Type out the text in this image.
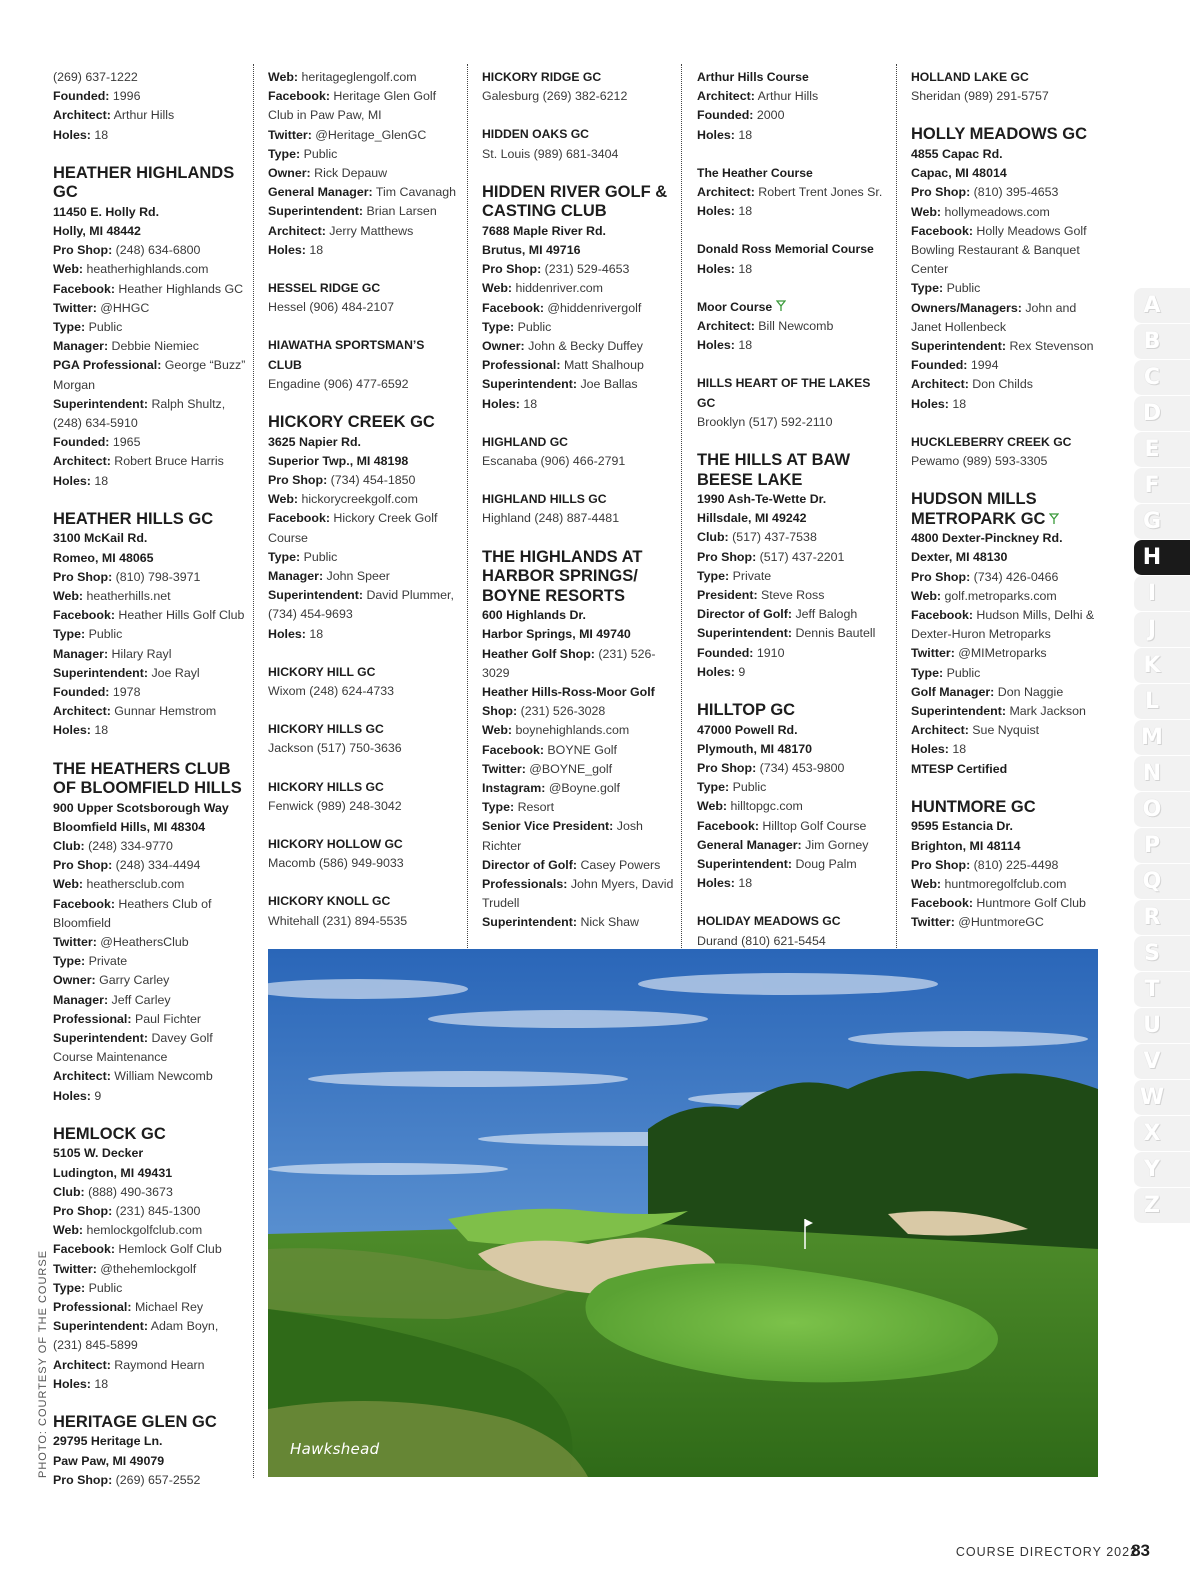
(269) 637-1222
Founded: 1996
Architect: Arthur Hills
Holes: 18
HEATHER HIGHLANDS GC
11450 E. Holly Rd.
Holly, MI 48442
Pro Shop: (248) 634-6800
Web: heatherhighlands.com
Facebook: Heather Highlands GC
Twitter: @HHGC
Type: Public
Manager: Debbie Niemiec
PGA Professional: George “Buzz” Morgan
Superintendent: Ralph Shultz, (248) 634-5910
Founded: 1965
Architect: Robert Bruce Harris
Holes: 18
HEATHER HILLS GC
3100 McKail Rd.
Romeo, MI 48065
Pro Shop: (810) 798-3971
Web: heatherhills.net
Facebook: Heather Hills Golf Club
Type: Public
Manager: Hilary Rayl
Superintendent: Joe Rayl
Founded: 1978
Architect: Gunnar Hemstrom
Holes: 18
THE HEATHERS CLUB OF BLOOMFIELD HILLS
900 Upper Scotsborough Way
Bloomfield Hills, MI 48304
Club: (248) 334-9770
Pro Shop: (248) 334-4494
Web: heathersclub.com
Facebook: Heathers Club of Bloomfield
Twitter: @HeathersClub
Type: Private
Owner: Garry Carley
Manager: Jeff Carley
Professional: Paul Fichter
Superintendent: Davey Golf Course Maintenance
Architect: William Newcomb
Holes: 9
HEMLOCK GC
5105 W. Decker
Ludington, MI 49431
Club: (888) 490-3673
Pro Shop: (231) 845-1300
Web: hemlockgolfclub.com
Facebook: Hemlock Golf Club
Twitter: @thehemlockgolf
Type: Public
Professional: Michael Rey
Superintendent: Adam Boyn, (231) 845-5899
Architect: Raymond Hearn
Holes: 18
HERITAGE GLEN GC
29795 Heritage Ln.
Paw Paw, MI 49079
Pro Shop: (269) 657-2552
Web: heritageglengolf.com
Facebook: Heritage Glen Golf Club in Paw Paw, MI
Twitter: @Heritage_GlenGC
Type: Public
Owner: Rick Depauw
General Manager: Tim Cavanagh
Superintendent: Brian Larsen
Architect: Jerry Matthews
Holes: 18
HESSEL RIDGE GC
Hessel (906) 484-2107
HIAWATHA SPORTSMAN’S CLUB
Engadine (906) 477-6592
HICKORY CREEK GC
3625 Napier Rd.
Superior Twp., MI 48198
Pro Shop: (734) 454-1850
Web: hickorycreekgolf.com
Facebook: Hickory Creek Golf Course
Type: Public
Manager: John Speer
Superintendent: David Plummer, (734) 454-9693
Holes: 18
HICKORY HILL GC
Wixom (248) 624-4733
HICKORY HILLS GC
Jackson (517) 750-3636
HICKORY HILLS GC
Fenwick (989) 248-3042
HICKORY HOLLOW GC
Macomb (586) 949-9033
HICKORY KNOLL GC
Whitehall (231) 894-5535
HICKORY RIDGE GC
Galesburg (269) 382-6212
HIDDEN OAKS GC
St. Louis (989) 681-3404
HIDDEN RIVER GOLF & CASTING CLUB
7688 Maple River Rd.
Brutus, MI 49716
Pro Shop: (231) 529-4653
Web: hiddenriver.com
Facebook: @hiddenrivergolf
Type: Public
Owner: John & Becky Duffey
Professional: Matt Shalhoup
Superintendent: Joe Ballas
Holes: 18
HIGHLAND GC
Escanaba (906) 466-2791
HIGHLAND HILLS GC
Highland (248) 887-4481
THE HIGHLANDS AT HARBOR SPRINGS/ BOYNE RESORTS
600 Highlands Dr.
Harbor Springs, MI 49740
Heather Golf Shop: (231) 526-3029
Heather Hills-Ross-Moor Golf Shop: (231) 526-3028
Web: boynehighlands.com
Facebook: BOYNE Golf
Twitter: @BOYNE_golf
Instagram: @Boyne.golf
Type: Resort
Senior Vice President: Josh Richter
Director of Golf: Casey Powers
Professionals: John Myers, David Trudell
Superintendent: Nick Shaw
Arthur Hills Course
Architect: Arthur Hills
Founded: 2000
Holes: 18
The Heather Course
Architect: Robert Trent Jones Sr.
Holes: 18
Donald Ross Memorial Course
Holes: 18
Moor Course
Architect: Bill Newcomb
Holes: 18
HILLS HEART OF THE LAKES GC
Brooklyn (517) 592-2110
THE HILLS AT BAW BEESE LAKE
1990 Ash-Te-Wette Dr.
Hillsdale, MI 49242
Club: (517) 437-7538
Pro Shop: (517) 437-2201
Type: Private
President: Steve Ross
Director of Golf: Jeff Balogh
Superintendent: Dennis Bautell
Founded: 1910
Holes: 9
HILLTOP GC
47000 Powell Rd.
Plymouth, MI 48170
Pro Shop: (734) 453-9800
Type: Public
Web: hilltopgc.com
Facebook: Hilltop Golf Course
General Manager: Jim Gorney
Superintendent: Doug Palm
Holes: 18
HOLIDAY MEADOWS GC
Durand (810) 621-5454
HOLLAND LAKE GC
Sheridan (989) 291-5757
HOLLY MEADOWS GC
4855 Capac Rd.
Capac, MI 48014
Pro Shop: (810) 395-4653
Web: hollymeadows.com
Facebook: Holly Meadows Golf Bowling Restaurant & Banquet Center
Type: Public
Owners/Managers: John and Janet Hollenbeck
Superintendent: Rex Stevenson
Founded: 1994
Architect: Don Childs
Holes: 18
HUCKLEBERRY CREEK GC
Pewamo (989) 593-3305
HUDSON MILLS METROPARK GC
4800 Dexter-Pinckney Rd.
Dexter, MI 48130
Pro Shop: (734) 426-0466
Web: golf.metroparks.com
Facebook: Hudson Mills, Delhi & Dexter-Huron Metroparks
Twitter: @MIMetroparks
Type: Public
Golf Manager: Don Naggie
Superintendent: Mark Jackson
Architect: Sue Nyquist
Holes: 18
MTESP Certified
HUNTMORE GC
9595 Estancia Dr.
Brighton, MI 48114
Pro Shop: (810) 225-4498
Web: huntmoregolfclub.com
Facebook: Huntmore Golf Club
Twitter: @HuntmoreGC
Hawkshead
PHOTO: COURTESY OF THE COURSE
A
B
C
D
E
F
G
H
I
J
K
L
M
N
O
P
Q
R
S
T
U
V
W
X
Y
Z
COURSE DIRECTORY 2022
83
